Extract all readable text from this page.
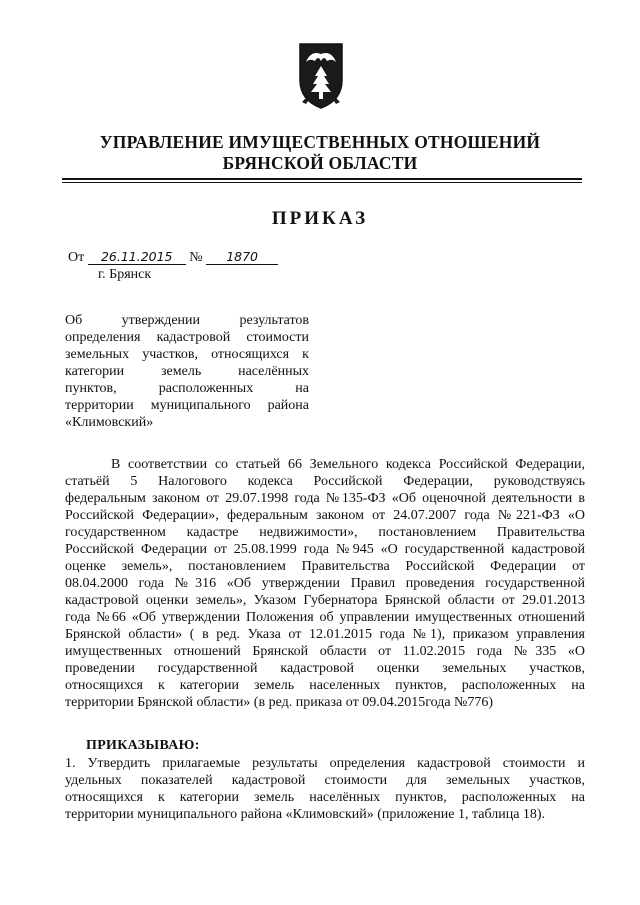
УПРАВЛЕНИЕ ИМУЩЕСТВЕННЫХ ОТНОШЕНИЙ
БРЯНСКОЙ ОБЛАСТИ
ПРИКАЗ
От 26.11.2015 № 1870
г. Брянск
Об утверждении результатов
определения кадастровой стоимости
земельных участков, относящихся к
категории земель населённых
пунктов, расположенных на
территории муниципального района
«Климовский»
В соответствии со статьей 66 Земельного кодекса Российской Федерации,
статьёй 5 Налогового кодекса Российской Федерации, руководствуясь
федеральным законом от 29.07.1998 года №135-ФЗ «Об оценочной деятельности в
Российской Федерации», федеральным законом от 24.07.2007 года №221-ФЗ «О
государственном кадастре недвижимости», постановлением Правительства
Российской Федерации от 25.08.1999 года №945 «О государственной кадастровой
оценке земель», постановлением Правительства Российской Федерации от
08.04.2000 года №316 «Об утверждении Правил проведения государственной
кадастровой оценки земель», Указом Губернатора Брянской области от 29.01.2013
года №66 «Об утверждении Положения об управлении имущественных отношений
Брянской области» ( в ред. Указа от 12.01.2015 года №1), приказом управления
имущественных отношений Брянской области от 11.02.2015 года №335 «О
проведении государственной кадастровой оценки земельных участков,
относящихся к категории земель населенных пунктов, расположенных на
территории Брянской области» (в ред. приказа от 09.04.2015года №776)
ПРИКАЗЫВАЮ:
1. Утвердить прилагаемые результаты определения кадастровой стоимости и
удельных показателей кадастровой стоимости для земельных участков,
относящихся к категории земель населённых пунктов, расположенных на
территории муниципального района «Климовский» (приложение 1, таблица 18).
